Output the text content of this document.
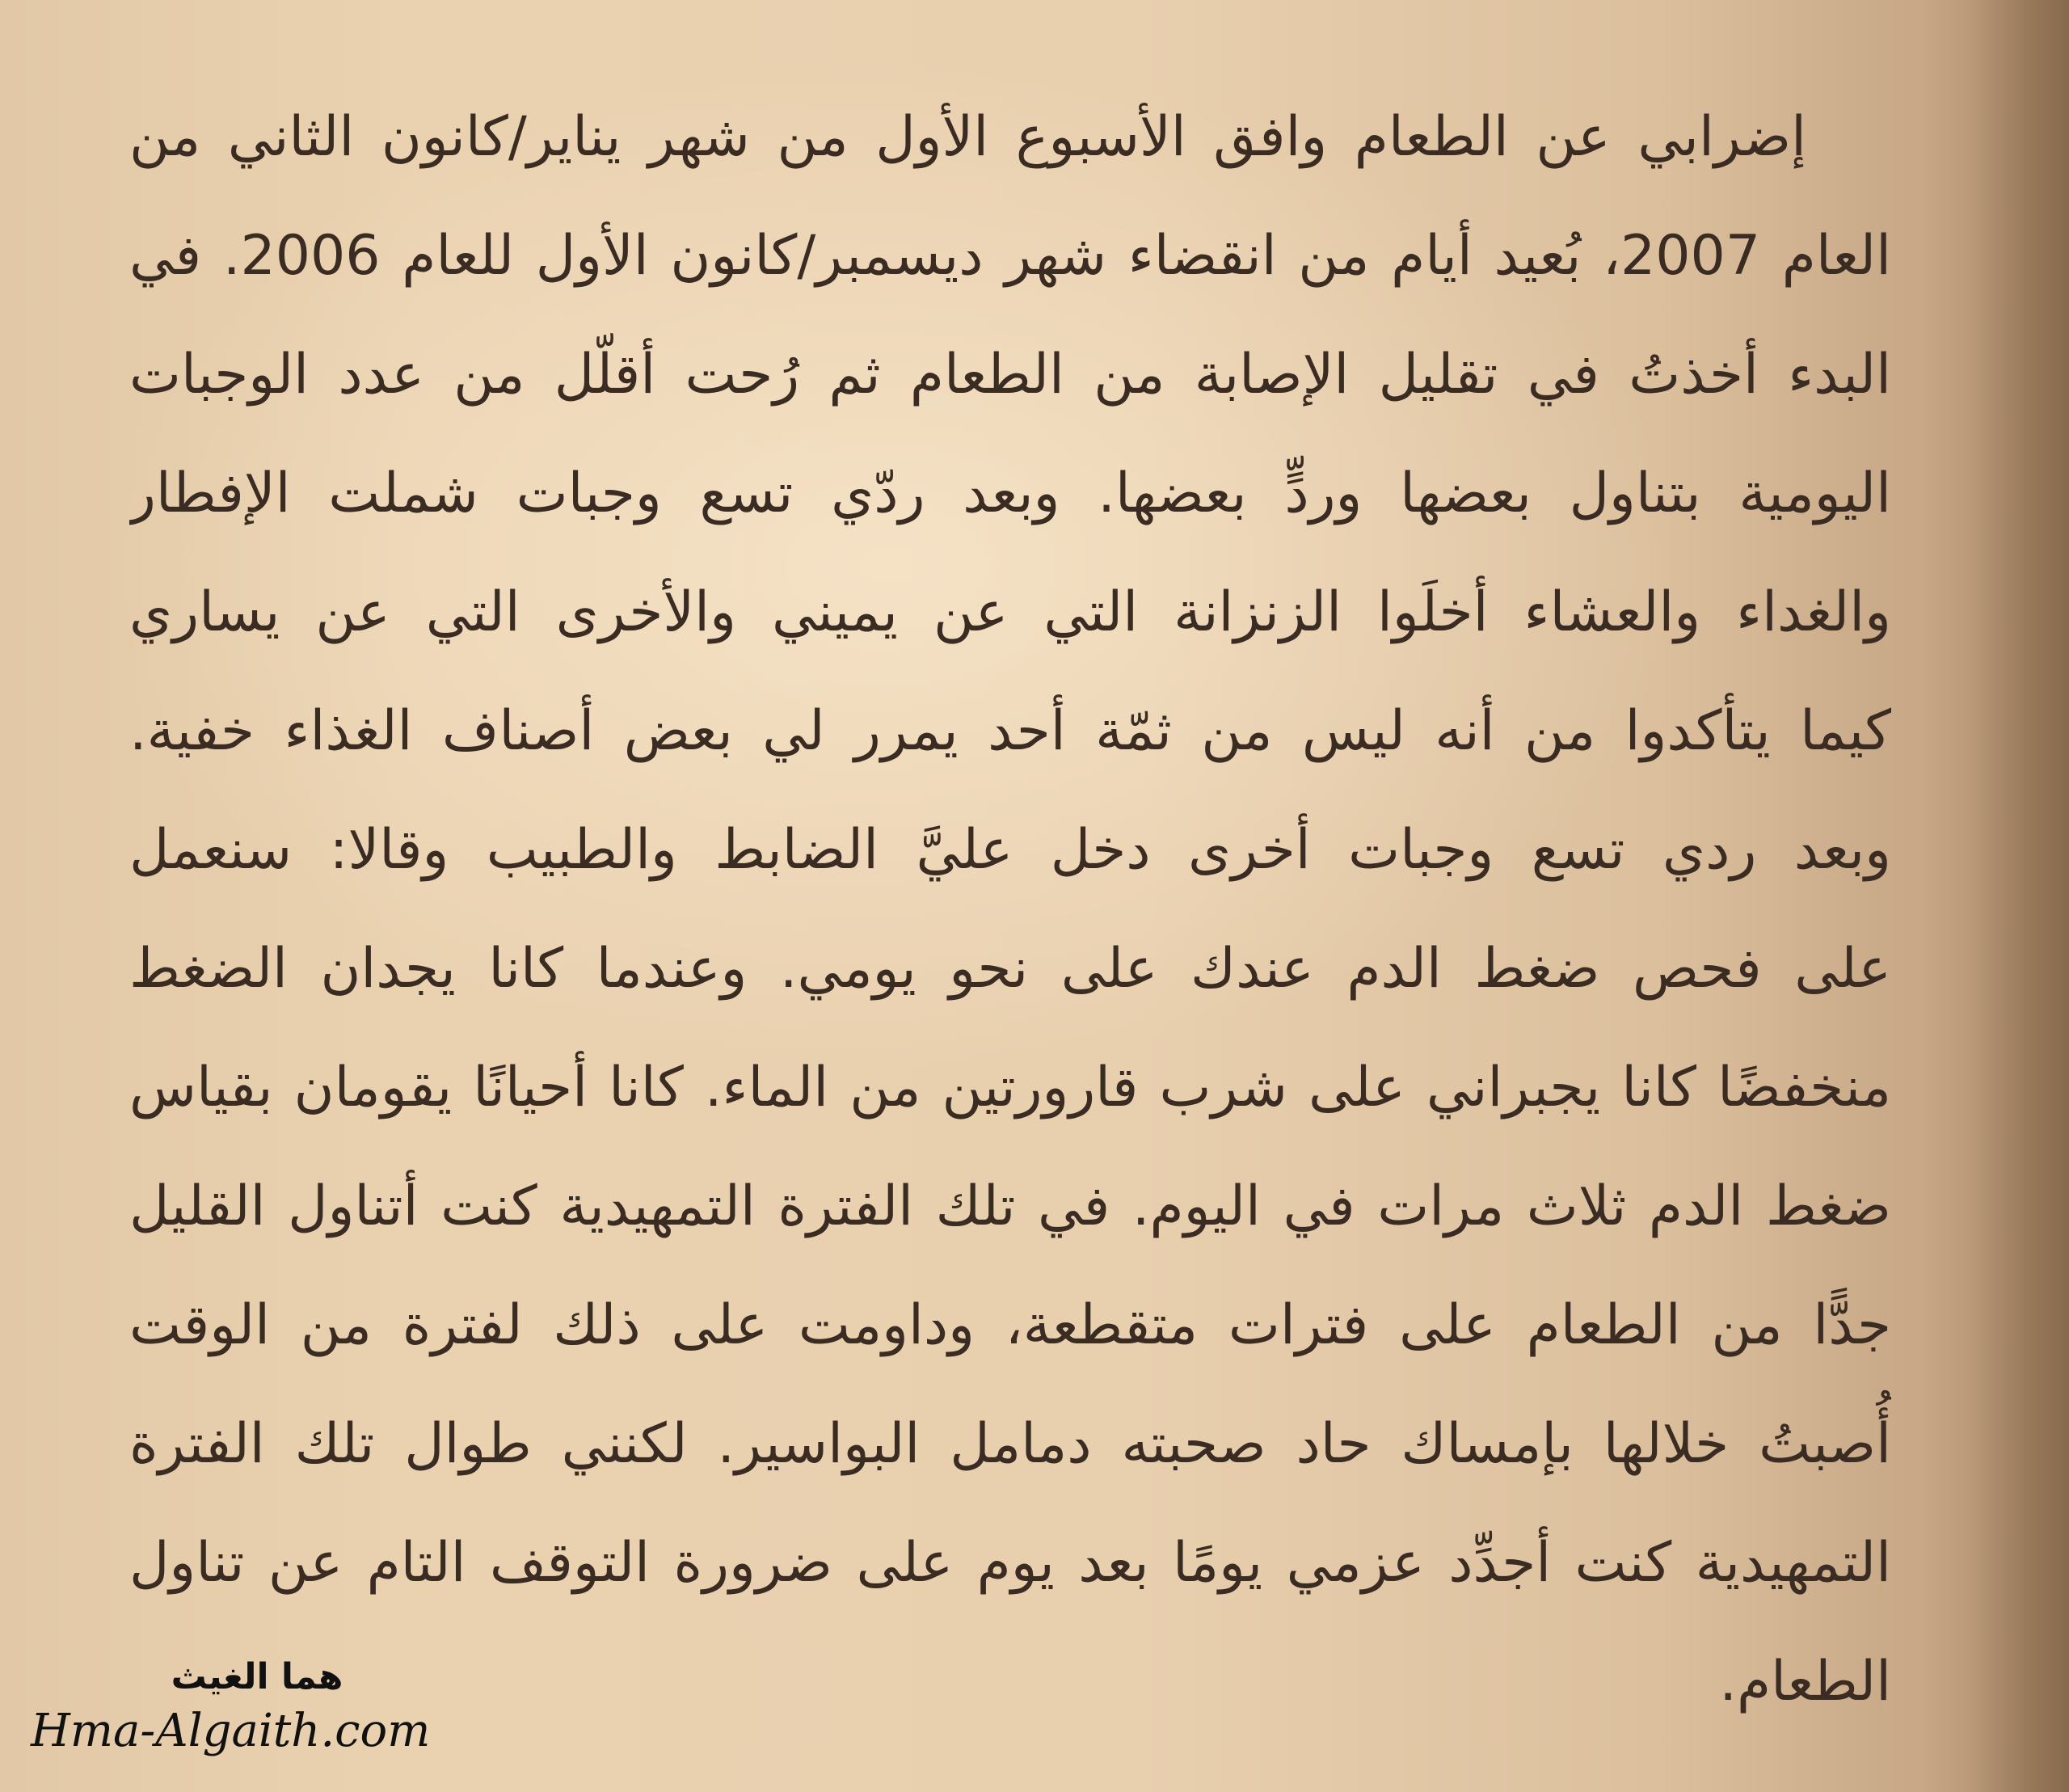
إضرابي عن الطعام وافق الأسبوع الأول من شهر يناير/كانون الثاني من
العام 2007، بُعيد أيام من انقضاء شهر ديسمبر/كانون الأول للعام 2006. في
البدء أخذتُ في تقليل الإصابة من الطعام ثم رُحت أقلّل من عدد الوجبات
اليومية بتناول بعضها وردٍّ بعضها. وبعد ردّي تسع وجبات شملت الإفطار
والغداء والعشاء أخلَوا الزنزانة التي عن يميني والأخرى التي عن يساري
كيما يتأكدوا من أنه ليس من ثمّة أحد يمرر لي بعض أصناف الغذاء خفية.
وبعد ردي تسع وجبات أخرى دخل عليَّ الضابط والطبيب وقالا: سنعمل
على فحص ضغط الدم عندك على نحو يومي. وعندما كانا يجدان الضغط
منخفضًا كانا يجبراني على شرب قارورتين من الماء. كانا أحيانًا يقومان بقياس
ضغط الدم ثلاث مرات في اليوم. في تلك الفترة التمهيدية كنت أتناول القليل
جدًّا من الطعام على فترات متقطعة، وداومت على ذلك لفترة من الوقت
أُصبتُ خلالها بإمساك حاد صحبته دمامل البواسير. لكنني طوال تلك الفترة
التمهيدية كنت أجدِّد عزمي يومًا بعد يوم على ضرورة التوقف التام عن تناول
الطعام.
هما الغيث
Hma-Algaith.com
